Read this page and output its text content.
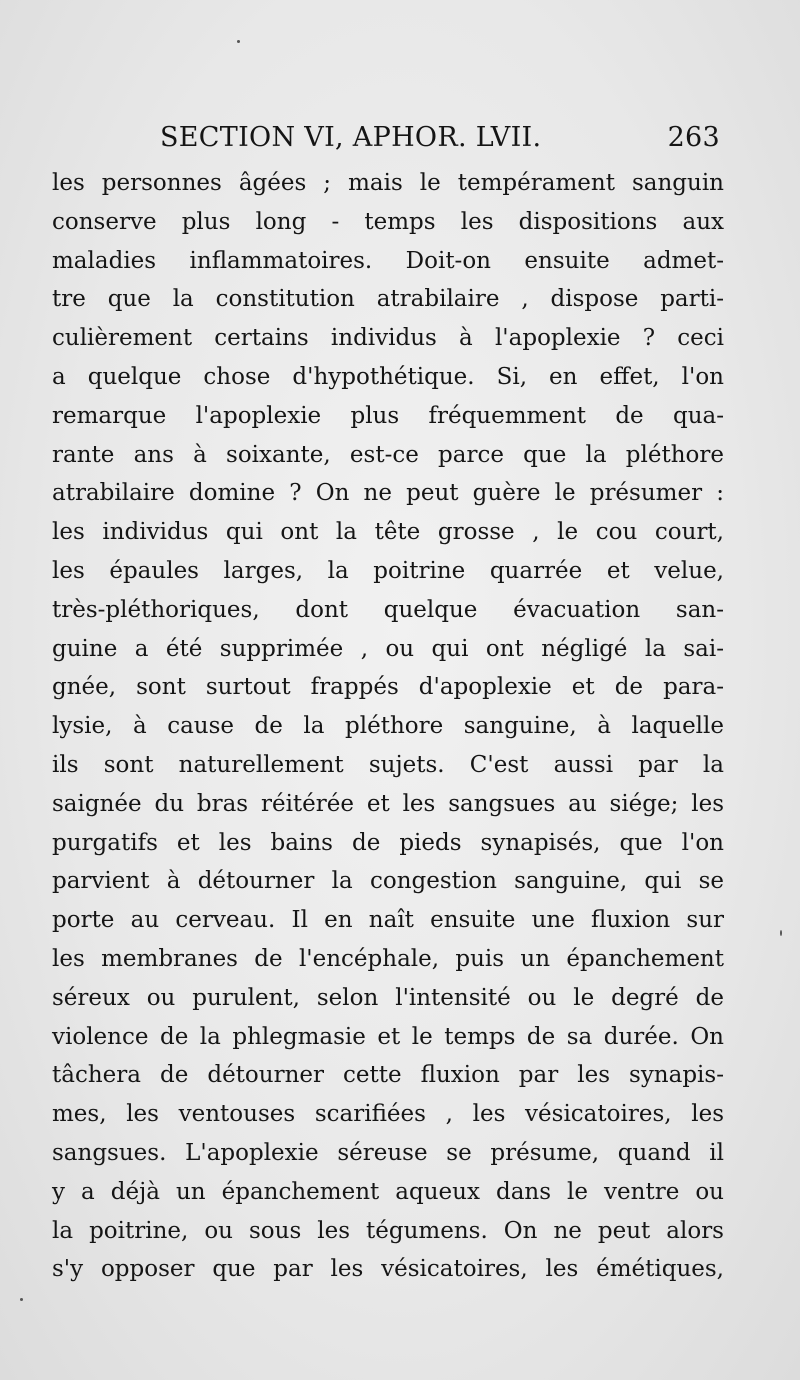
SECTION VI, APHOR. LVII.	263
les personnes âgées ; mais le tempérament sanguin
conserve plus long - temps les dispositions aux
maladies inflammatoires. Doit-on ensuite admet-
tre que la constitution atrabilaire , dispose parti-
culièrement certains individus à l'apoplexie ? ceci
a quelque chose d'hypothétique. Si, en effet, l'on
remarque l'apoplexie plus fréquemment de qua-
rante ans à soixante, est-ce parce que la pléthore
atrabilaire domine ? On ne peut guère le présumer :
les individus qui ont la tête grosse , le cou court,
les épaules larges, la poitrine quarrée et velue,
très-pléthoriques, dont quelque évacuation san-
guine a été supprimée , ou qui ont négligé la sai-
gnée, sont surtout frappés d'apoplexie et de para-
lysie, à cause de la pléthore sanguine, à laquelle
ils sont naturellement sujets. C'est aussi par la
saignée du bras réitérée et les sangsues au siége; les
purgatifs et les bains de pieds synapisés, que l'on
parvient à détourner la congestion sanguine, qui se
porte au cerveau. Il en naît ensuite une fluxion sur
les membranes de l'encéphale, puis un épanchement
séreux ou purulent, selon l'intensité ou le degré de
violence de la phlegmasie et le temps de sa durée. On
tâchera de détourner cette fluxion par les synapis-
mes, les ventouses scarifiées , les vésicatoires, les
sangsues. L'apoplexie séreuse se présume, quand il
y a déjà un épanchement aqueux dans le ventre ou
la poitrine, ou sous les tégumens. On ne peut alors
s'y opposer que par les vésicatoires, les émétiques,
